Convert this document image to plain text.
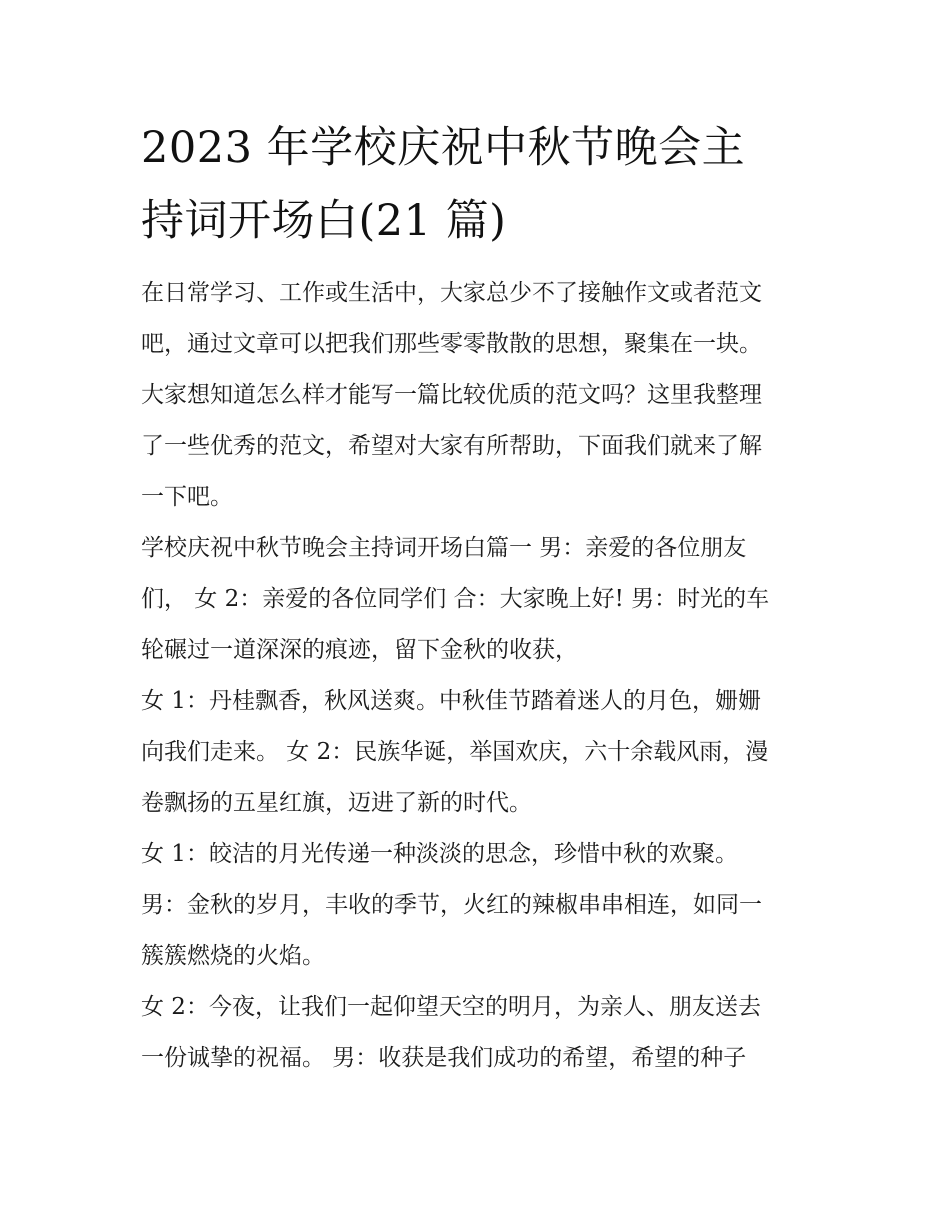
2023 年学校庆祝中秋节晚会主
持词开场白(21 篇)

在日常学习、工作或生活中，大家总少不了接触作文或者范文
吧，通过文章可以把我们那些零零散散的思想，聚集在一块。
大家想知道怎么样才能写一篇比较优质的范文吗？这里我整理
了一些优秀的范文，希望对大家有所帮助，下面我们就来了解
一下吧。

学校庆祝中秋节晚会主持词开场白篇一 男：亲爱的各位朋友
们， 女 2：亲爱的各位同学们 合：大家晚上好! 男：时光的车
轮碾过一道深深的痕迹，留下金秋的收获，

女 1：丹桂飘香，秋风送爽。中秋佳节踏着迷人的月色，姗姗
向我们走来。 女 2：民族华诞，举国欢庆，六十余载风雨，漫
卷飘扬的五星红旗，迈进了新的时代。

女 1：皎洁的月光传递一种淡淡的思念，珍惜中秋的欢聚。

男：金秋的岁月，丰收的季节，火红的辣椒串串相连，如同一
簇簇燃烧的火焰。

女 2：今夜，让我们一起仰望天空的明月，为亲人、朋友送去
一份诚挚的祝福。 男：收获是我们成功的希望，希望的种子
